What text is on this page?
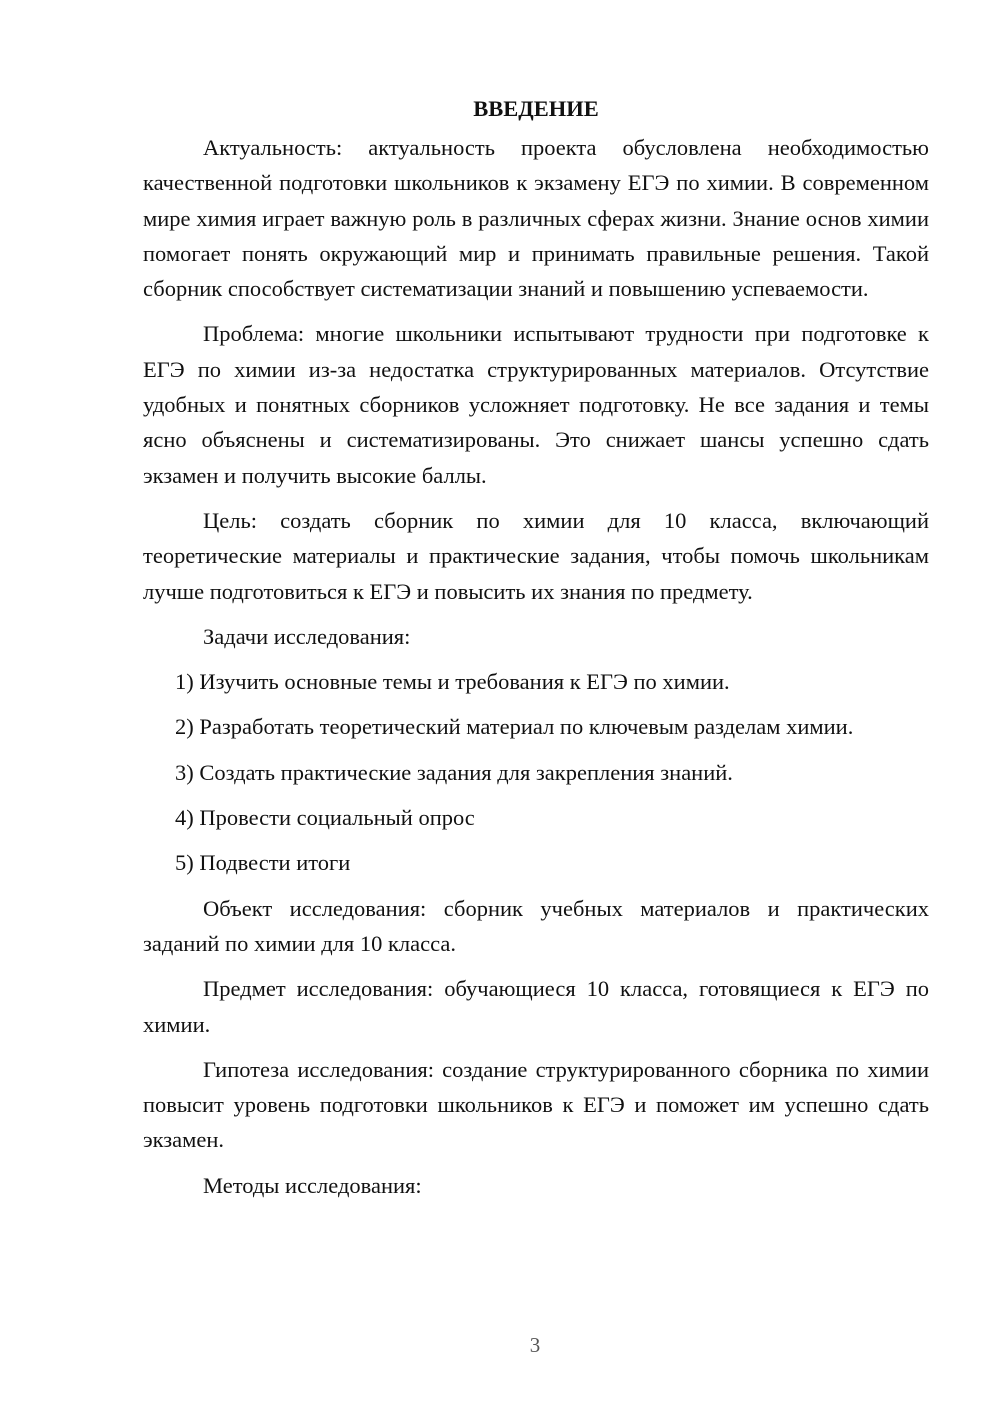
ВВЕДЕНИЕ

Актуальность: актуальность проекта обусловлена необходимостью качественной подготовки школьников к экзамену ЕГЭ по химии. В современном мире химия играет важную роль в различных сферах жизни. Знание основ химии помогает понять окружающий мир и принимать правильные решения. Такой сборник способствует систематизации знаний и повышению успеваемости.

Проблема: многие школьники испытывают трудности при подготовке к ЕГЭ по химии из-за недостатка структурированных материалов. Отсутствие удобных и понятных сборников усложняет подготовку. Не все задания и темы ясно объяснены и систематизированы. Это снижает шансы успешно сдать экзамен и получить высокие баллы.

Цель: создать сборник по химии для 10 класса, включающий теоретические материалы и практические задания, чтобы помочь школьникам лучше подготовиться к ЕГЭ и повысить их знания по предмету.

Задачи исследования:

1) Изучить основные темы и требования к ЕГЭ по химии.
2) Разработать теоретический материал по ключевым разделам химии.
3) Создать практические задания для закрепления знаний.
4) Провести социальный опрос
5) Подвести итоги

Объект исследования: сборник учебных материалов и практических заданий по химии для 10 класса.

Предмет исследования: обучающиеся 10 класса, готовящиеся к ЕГЭ по химии.

Гипотеза исследования: создание структурированного сборника по химии повысит уровень подготовки школьников к ЕГЭ и поможет им успешно сдать экзамен.

Методы исследования:

3
